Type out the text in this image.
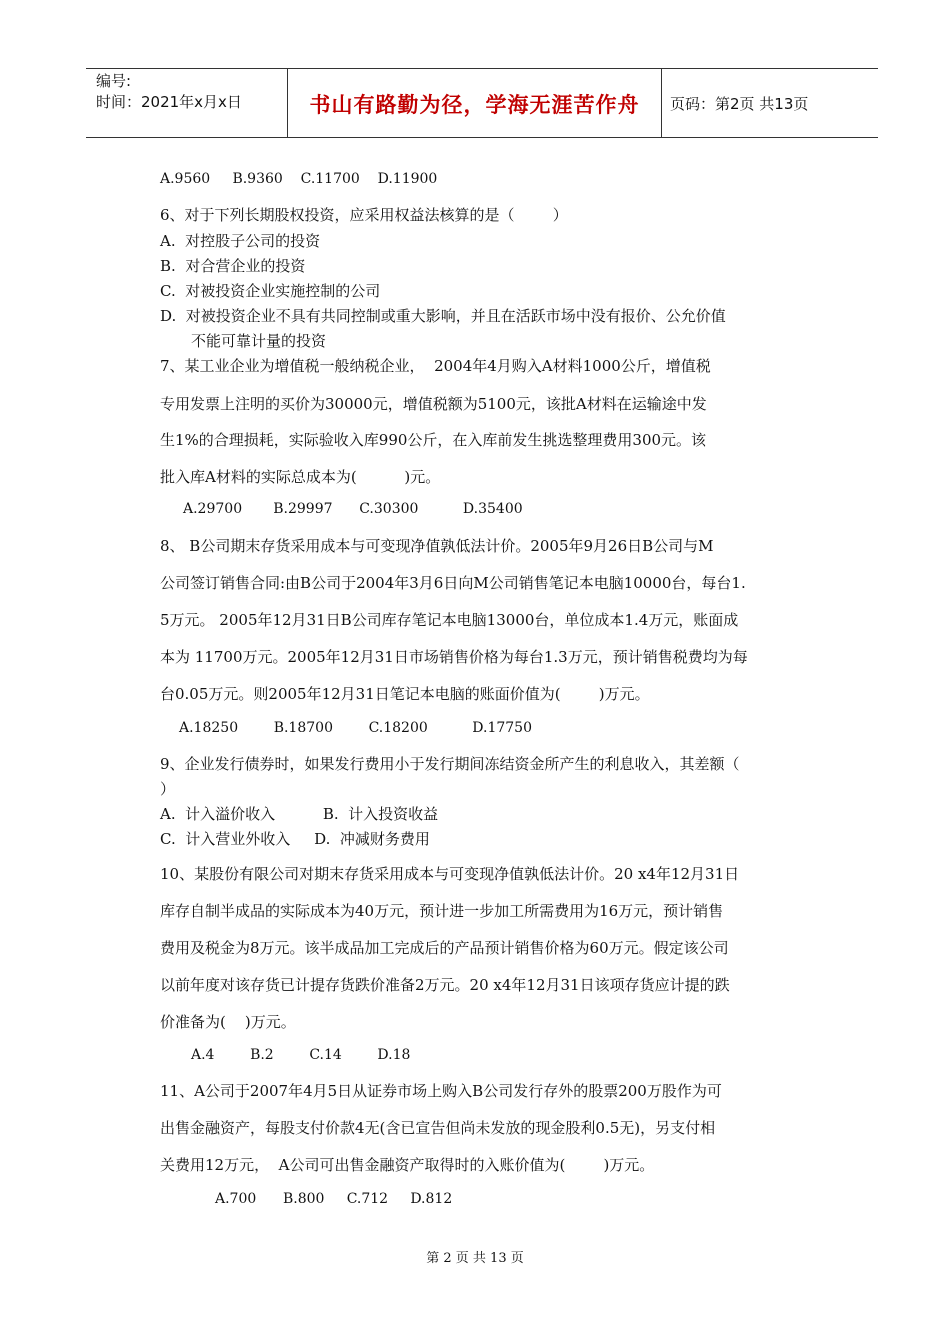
编号:
时间：2021年x月x日	书山有路勤为径，学海无涯苦作舟	页码：第2页 共13页
A.9560     B.9360    C.11700    D.11900
6、对于下列长期股权投资，应采用权益法核算的是（        ）
A.  对控股子公司的投资
B.  对合营企业的投资
C.  对被投资企业实施控制的公司
D.  对被投资企业不具有共同控制或重大影响，并且在活跃市场中没有报价、公允价值
不能可靠计量的投资
7、某工业企业为增值税一般纳税企业，  2004年4月购入A材料1000公斤，增值税
专用发票上注明的买价为30000元，增值税额为5100元，该批A材料在运输途中发
生1%的合理损耗，实际验收入库990公斤，在入库前发生挑选整理费用300元。该
批入库A材料的实际总成本为(          )元。
A.29700       B.29997      C.30300          D.35400
8、 B公司期末存货采用成本与可变现净值孰低法计价。2005年9月26日B公司与M
公司签订销售合同:由B公司于2004年3月6日向M公司销售笔记本电脑10000台，每台1.
5万元。 2005年12月31日B公司库存笔记本电脑13000台，单位成本1.4万元，账面成
本为 11700万元。2005年12月31日市场销售价格为每台1.3万元，预计销售税费均为每
台0.05万元。则2005年12月31日笔记本电脑的账面价值为(        )万元。
A.18250        B.18700        C.18200          D.17750
9、企业发行债券时，如果发行费用小于发行期间冻结资金所产生的利息收入，其差额（
）
A.  计入溢价收入          B.  计入投资收益
C.  计入营业外收入     D.  冲减财务费用
10、某股份有限公司对期末存货采用成本与可变现净值孰低法计价。20 x4年12月31日
库存自制半成品的实际成本为40万元，预计进一步加工所需费用为16万元，预计销售
费用及税金为8万元。该半成品加工完成后的产品预计销售价格为60万元。假定该公司
以前年度对该存货已计提存货跌价准备2万元。20 x4年12月31日该项存货应计提的跌
价准备为(    )万元。
A.4        B.2        C.14        D.18
11、A公司于2007年4月5日从证券市场上购入B公司发行存外的股票200万股作为可
出售金融资产，每股支付价款4无(含已宣告但尚未发放的现金股利0.5无)，另支付相
关费用12万元，  A公司可出售金融资产取得时的入账价值为(        )万元。
A.700      B.800     C.712     D.812
第 2 页 共 13 页
